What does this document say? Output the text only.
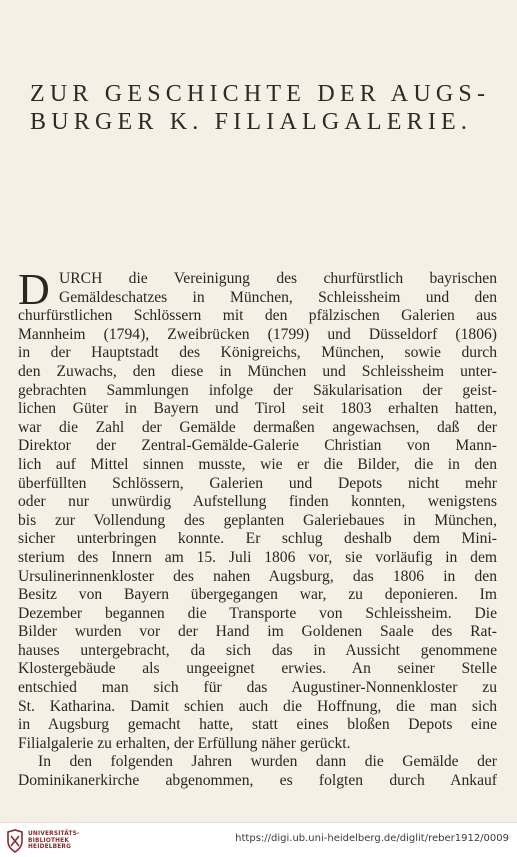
ZUR GESCHICHTE DER AUGS-
BURGER K. FILIALGALERIE.
D URCH die Vereinigung des churfürstlich bayrischen
Gemäldeschatzes in München, Schleissheim und den
churfürstlichen Schlössern mit den pfälzischen Galerien aus
Mannheim (1794), Zweibrücken (1799) und Düsseldorf (1806)
in der Hauptstadt des Königreichs, München, sowie durch
den Zuwachs, den diese in München und Schleissheim unter-
gebrachten Sammlungen infolge der Säkularisation der geist-
lichen Güter in Bayern und Tirol seit 1803 erhalten hatten,
war die Zahl der Gemälde dermaßen angewachsen, daß der
Direktor der Zentral-Gemälde-Galerie Christian von Mann-
lich auf Mittel sinnen musste, wie er die Bilder, die in den
überfüllten Schlössern, Galerien und Depots nicht mehr
oder nur unwürdig Aufstellung finden konnten, wenigstens
bis zur Vollendung des geplanten Galeriebaues in München,
sicher unterbringen konnte. Er schlug deshalb dem Mini-
sterium des Innern am 15. Juli 1806 vor, sie vorläufig in dem
Ursulinerinnenkloster des nahen Augsburg, das 1806 in den
Besitz von Bayern übergegangen war, zu deponieren. Im
Dezember begannen die Transporte von Schleissheim. Die
Bilder wurden vor der Hand im Goldenen Saale des Rat-
hauses untergebracht, da sich das in Aussicht genommene
Klostergebäude als ungeeignet erwies. An seiner Stelle
entschied man sich für das Augustiner-Nonnenkloster zu
St. Katharina. Damit schien auch die Hoffnung, die man sich
in Augsburg gemacht hatte, statt eines bloßen Depots eine
Filialgalerie zu erhalten, der Erfüllung näher gerückt.
In den folgenden Jahren wurden dann die Gemälde der
Dominikanerkirche abgenommen, es folgten durch Ankauf
UNIVERSITÄTS-
BIBLIOTHEK
HEIDELBERG
https://digi.ub.uni-heidelberg.de/diglit/reber1912/0009
